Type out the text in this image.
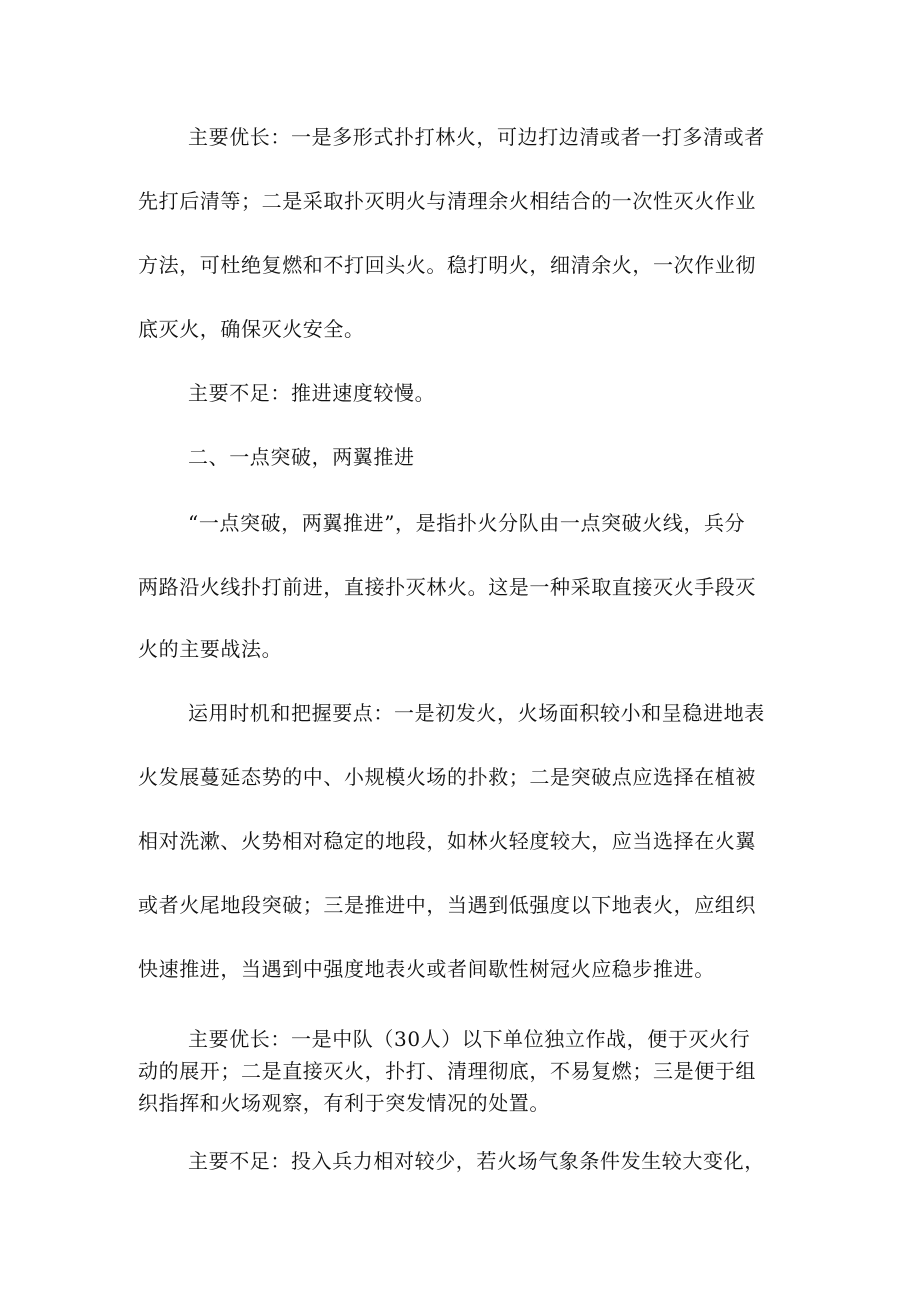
主要优长：一是多形式扑打林火，可边打边清或者一打多清或者
先打后清等；二是采取扑灭明火与清理余火相结合的一次性灭火作业
方法，可杜绝复燃和不打回头火。稳打明火，细清余火，一次作业彻
底灭火，确保灭火安全。
主要不足：推进速度较慢。
二、一点突破，两翼推进
“一点突破，两翼推进”，是指扑火分队由一点突破火线，兵分
两路沿火线扑打前进，直接扑灭林火。这是一种采取直接灭火手段灭
火的主要战法。
运用时机和把握要点：一是初发火，火场面积较小和呈稳进地表
火发展蔓延态势的中、小规模火场的扑救；二是突破点应选择在植被
相对洗漱、火势相对稳定的地段，如林火轻度较大，应当选择在火翼
或者火尾地段突破；三是推进中，当遇到低强度以下地表火，应组织
快速推进，当遇到中强度地表火或者间歇性树冠火应稳步推进。
主要优长：一是中队（30人）以下单位独立作战，便于灭火行
动的展开；二是直接灭火，扑打、清理彻底，不易复燃；三是便于组
织指挥和火场观察，有利于突发情况的处置。
主要不足：投入兵力相对较少，若火场气象条件发生较大变化，
